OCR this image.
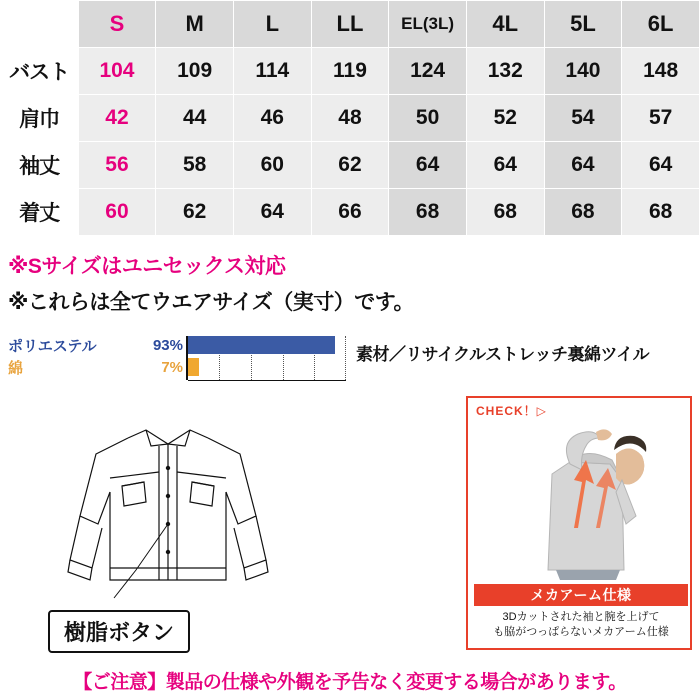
	S	M	L	LL	EL(3L)	4L	5L	6L
バスト	104	109	114	119	124	132	140	148
肩巾	42	44	46	48	50	52	54	57
袖丈	56	58	60	62	64	64	64	64
着丈	60	62	64	66	68	68	68	68
※Sサイズはユニセックス対応
※これらは全てウエアサイズ（実寸）です。
ポリエステル	93%
綿	7%
素材／リサイクルストレッチ裏綿ツイル
樹脂ボタン
CHECK！▷
メカアーム仕様
3Dカットされた袖と腕を上げて
も脇がつっぱらないメカアーム仕様
【ご注意】製品の仕様や外観を予告なく変更する場合があります。
